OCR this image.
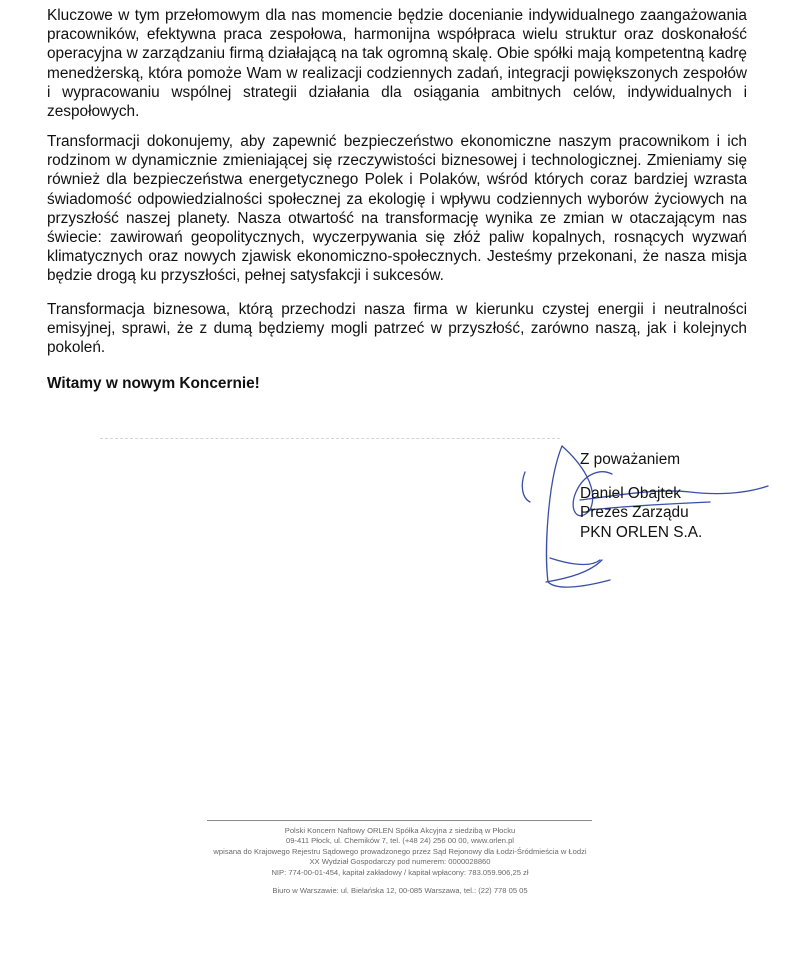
Kluczowe w tym przełomowym dla nas momencie będzie docenianie indywidualnego zaangażowania pracowników, efektywna praca zespołowa, harmonijna współpraca wielu struktur oraz doskonałość operacyjna w zarządzaniu firmą działającą na tak ogromną skalę. Obie spółki mają kompetentną kadrę menedżerską, która pomoże Wam w realizacji codziennych zadań, integracji powiększonych zespołów i wypracowaniu wspólnej strategii działania dla osiągania ambitnych celów, indywidualnych i zespołowych.

Transformacji dokonujemy, aby zapewnić bezpieczeństwo ekonomiczne naszym pracownikom i ich rodzinom w dynamicznie zmieniającej się rzeczywistości biznesowej i technologicznej. Zmieniamy się również dla bezpieczeństwa energetycznego Polek i Polaków, wśród których coraz bardziej wzrasta świadomość odpowiedzialności społecznej za ekologię i wpływu codziennych wyborów życiowych na przyszłość naszej planety. Nasza otwartość na transformację wynika ze zmian w otaczającym nas świecie: zawirowań geopolitycznych, wyczerpywania się złóż paliw kopalnych, rosnących wyzwań klimatycznych oraz nowych zjawisk ekonomiczno-społecznych. Jesteśmy przekonani, że nasza misja będzie drogą ku przyszłości, pełnej satysfakcji i sukcesów.

Transformacja biznesowa, którą przechodzi nasza firma w kierunku czystej energii i neutralności emisyjnej, sprawi, że z dumą będziemy mogli patrzeć w przyszłość, zarówno naszą, jak i kolejnych pokoleń.

Witamy w nowym Koncernie!

Z poważaniem
Daniel Obajtek
Prezes Zarządu
PKN ORLEN S.A.
Polski Koncern Naftowy ORLEN Spółka Akcyjna z siedzibą w Płocku
09-411 Płock, ul. Chemików 7, tel. (+48 24) 256 00 00, www.orlen.pl
wpisana do Krajowego Rejestru Sądowego prowadzonego przez Sąd Rejonowy dla Łodzi-Śródmieścia w Łodzi
XX Wydział Gospodarczy pod numerem: 0000028860
NIP: 774-00-01-454, kapitał zakładowy / kapitał wpłacony: 783.059.906,25 zł
Biuro w Warszawie: ul. Bielańska 12, 00-085 Warszawa, tel.: (22) 778 05 05
